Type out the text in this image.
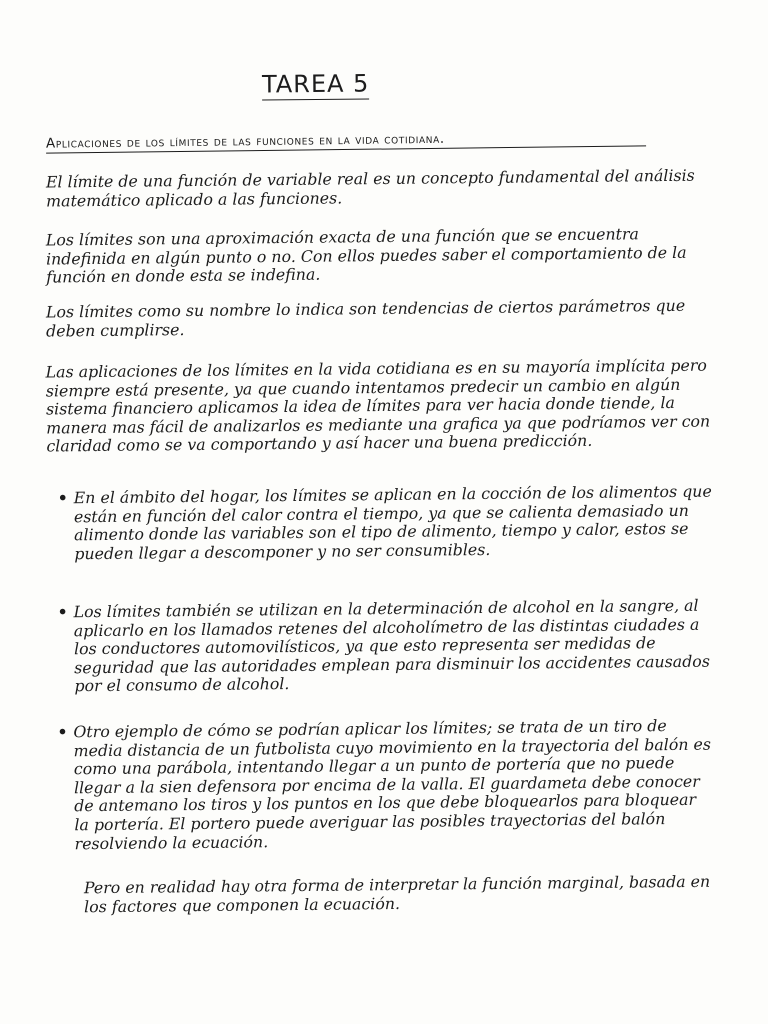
TAREA 5
Aplicaciones de los límites de las funciones en la vida cotidiana.
El límite de una función de variable real es un concepto fundamental del análisis matemático aplicado a las funciones.
Los límites son una aproximación exacta de una función que se encuentra indefinida en algún punto o no. Con ellos puedes saber el comportamiento de la función en donde esta se indefina.
Los límites como su nombre lo indica son tendencias de ciertos parámetros que deben cumplirse.
Las aplicaciones de los límites en la vida cotidiana es en su mayoría implícita pero siempre está presente, ya que cuando intentamos predecir un cambio en algún sistema financiero aplicamos la idea de límites para ver hacia donde tiende, la manera mas fácil de analizarlos es mediante una grafica ya que podríamos ver con claridad como se va comportando y así hacer una buena predicción.
• En el ámbito del hogar, los límites se aplican en la cocción de los alimentos que están en función del calor contra el tiempo, ya que se calienta demasiado un alimento donde las variables son el tipo de alimento, tiempo y calor, estos se pueden llegar a descomponer y no ser consumibles.
• Los límites también se utilizan en la determinación de alcohol en la sangre, al aplicarlo en los llamados retenes del alcoholímetro de las distintas ciudades a los conductores automovilísticos, ya que esto representa ser medidas de seguridad que las autoridades emplean para disminuir los accidentes causados por el consumo de alcohol.
• Otro ejemplo de cómo se podrían aplicar los límites; se trata de un tiro de media distancia de un futbolista cuyo movimiento en la trayectoria del balón es como una parábola, intentando llegar a un punto de portería que no puede llegar a la sien defensora por encima de la valla. El guardameta debe conocer de antemano los tiros y los puntos en los que debe bloquearlos para bloquear la portería. El portero puede averiguar las posibles trayectorias del balón resolviendo la ecuación.
Pero en realidad hay otra forma de interpretar la función marginal, basada en los factores que componen la ecuación.
